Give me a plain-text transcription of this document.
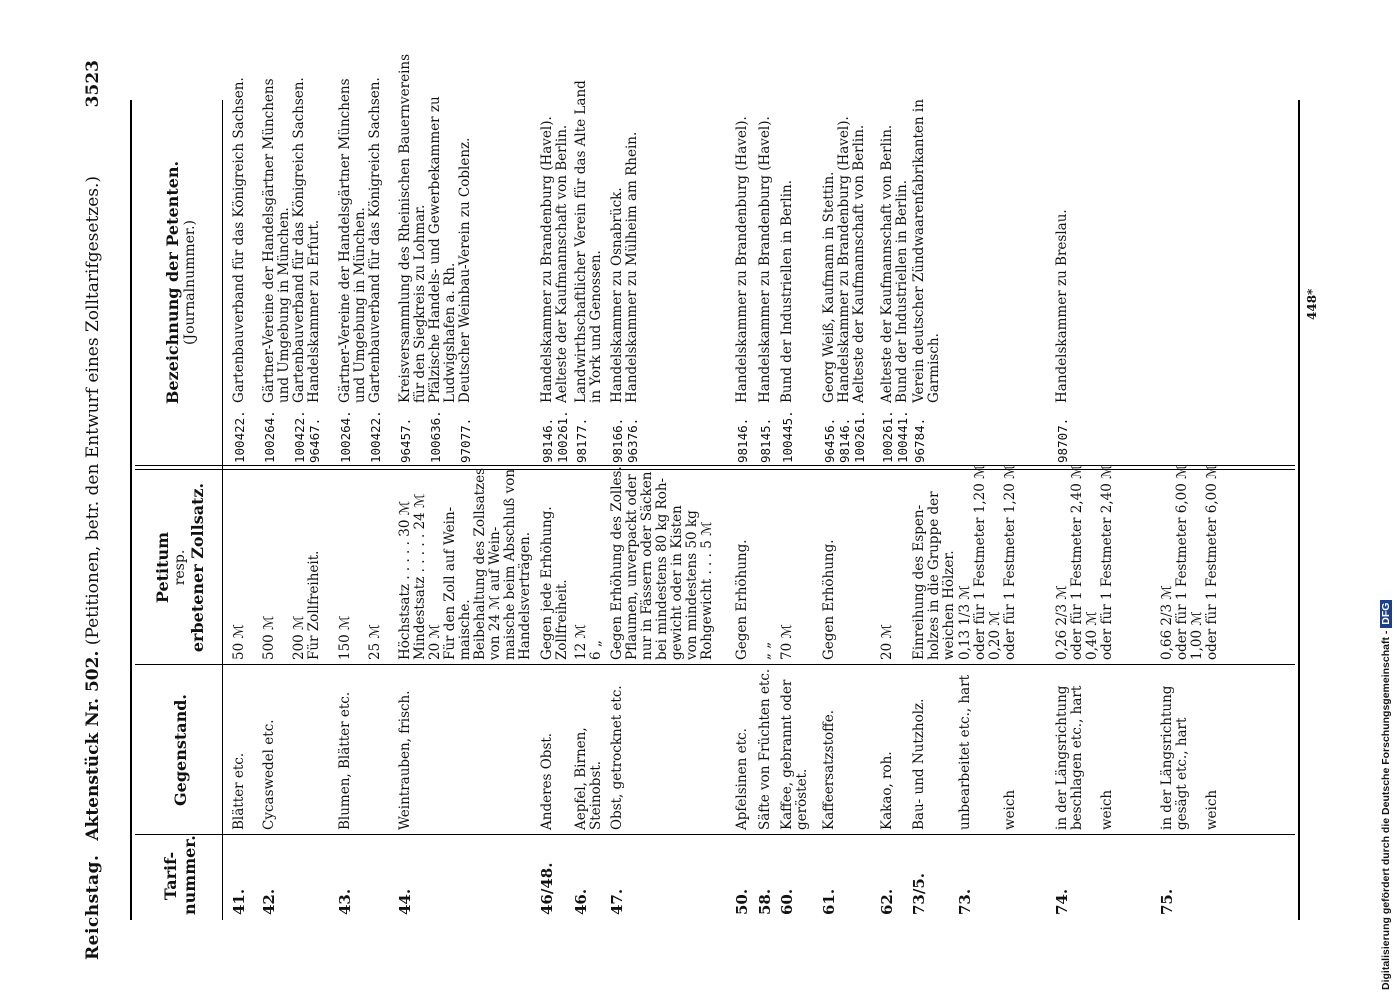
Reichstag.
Aktenstück Nr. 502. (Petitionen, betr. den Entwurf eines Zolltarifgesetzes.)
3523
Tarif- nummer.
Gegenstand.
Petitum resp. erbetener Zollsatz.
Bezeichnung der Petenten. (Journalnummer.)
41.
Blätter etc.
50 ℳ
100422.
Gartenbauverband für das Königreich Sachsen.
42.
Cycaswedel etc.
500 ℳ
200 ℳ Für Zollfreiheit.
100264.
100422. 96467.
Gärtner-Vereine der Handelsgärtner Münchens und Umgebung in München. Gartenbauverband für das Königreich Sachsen. Handelskammer zu Erfurt.
43.
Blumen, Blätter etc.
150 ℳ
25 ℳ
100264.
100422.
Gärtner-Vereine der Handelsgärtner Münchens und Umgebung in München. Gartenbauverband für das Königreich Sachsen.
44.
Weintrauben, frisch.
Höchstsatz . . . . . 30 ℳ Mindestsatz . . . . . 24 ℳ 20 ℳ Für den Zoll auf Wein- maische. Beibehaltung des Zollsatzes von 24 ℳ auf Wein- maische beim Abschluß von Handelsverträgen.
96457.
100636.
97077.
Kreisversammlung des Rheinischen Bauernvereins für den Siegkreis zu Lohmar. Pfälzische Handels- und Gewerbekammer zu Ludwigshafen a. Rh. Deutscher Weinbau-Verein zu Coblenz.
46/48.
Anderes Obst.
Gegen jede Erhöhung. Zollfreiheit.
98146. 100261.
Handelskammer zu Brandenburg (Havel). Aelteste der Kaufmannschaft von Berlin.
46.
Aepfel, Birnen, Steinobst.
12 ℳ 6 „
98177.
Landwirthschaftlicher Verein für das Alte Land in York und Genossen.
47.
Obst, getrocknet etc.
Gegen Erhöhung des Zolles. Pflaumen, unverpackt oder nur in Fässern oder Säcken bei mindestens 80 kg Roh- gewicht oder in Kisten von mindestens 50 kg Rohgewicht . . . 5 ℳ
98166. 96376.
Handelskammer zu Osnabrück. Handelskammer zu Mülheim am Rhein.
50.
Apfelsinen etc.
Gegen Erhöhung.
98146.
Handelskammer zu Brandenburg (Havel).
58.
Säfte von Früchten etc.
„ „
98145.
Handelskammer zu Brandenburg (Havel).
60.
Kaffee, gebrannt oder geröstet.
70 ℳ
100445.
Bund der Industriellen in Berlin.
61.
Kaffeersatzstoffe.
Gegen Erhöhung.
96456. 98146. 100261.
Georg Weiß, Kaufmann in Stettin. Handelskammer zu Brandenburg (Havel). Aelteste der Kaufmannschaft von Berlin.
62.
Kakao, roh.
20 ℳ
100261. 100441.
Aelteste der Kaufmannschaft von Berlin. Bund der Industriellen in Berlin.
73/5.
Bau- und Nutzholz.
Einreihung des Espen- holzes in die Gruppe der weichen Hölzer.
96784.
Verein deutscher Zündwaarenfabrikanten in Garmisch.
73.
unbearbeitet etc., hart

weich
0,13 1/3 ℳ oder für 1 Festmeter 1,20 ℳ 0,20 ℳ oder für 1 Festmeter 1,20 ℳ
74.
in der Längsrichtung beschlagen etc., hart
weich
0,26 2/3 ℳ oder für 1 Festmeter 2,40 ℳ 0,40 ℳ oder für 1 Festmeter 2,40 ℳ
98707.
Handelskammer zu Breslau.
75.
in der Längsrichtung gesägt etc., hart
weich
0,66 2/3 ℳ oder für 1 Festmeter 6,00 ℳ 1,00 ℳ oder für 1 Festmeter 6,00 ℳ
448*
Digitalisierung gefördert durch die Deutsche Forschungsgemeinschaft - DFG
